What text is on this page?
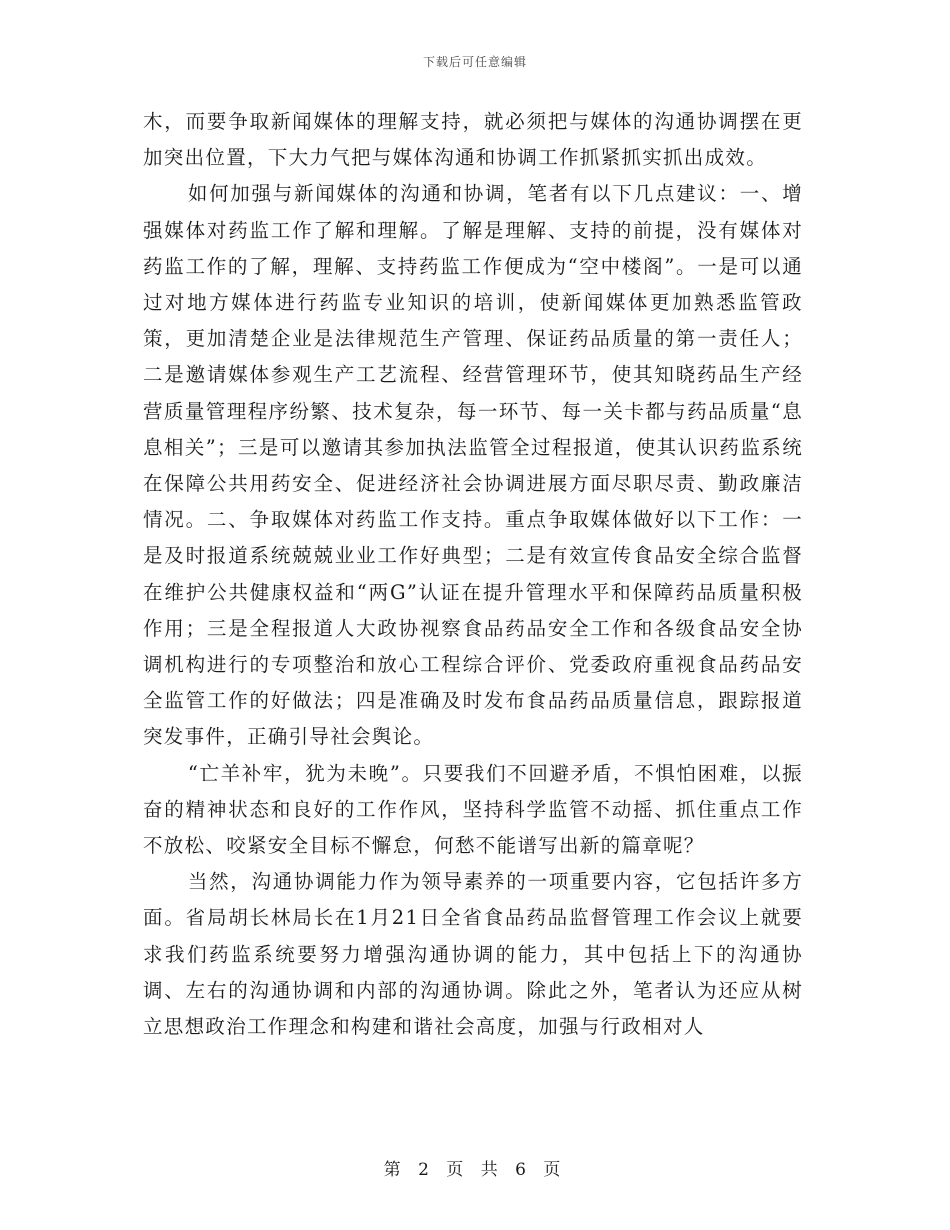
下载后可任意编辑

木，而要争取新闻媒体的理解支持，就必须把与媒体的沟通协调摆在更加突出位置，下大力气把与媒体沟通和协调工作抓紧抓实抓出成效。

如何加强与新闻媒体的沟通和协调，笔者有以下几点建议：一、增强媒体对药监工作了解和理解。了解是理解、支持的前提，没有媒体对药监工作的了解，理解、支持药监工作便成为“空中楼阁”。一是可以通过对地方媒体进行药监专业知识的培训，使新闻媒体更加熟悉监管政策，更加清楚企业是法律规范生产管理、保证药品质量的第一责任人；二是邀请媒体参观生产工艺流程、经营管理环节，使其知晓药品生产经营质量管理程序纷繁、技术复杂，每一环节、每一关卡都与药品质量“息息相关”；三是可以邀请其参加执法监管全过程报道，使其认识药监系统在保障公共用药安全、促进经济社会协调进展方面尽职尽责、勤政廉洁情况。二、争取媒体对药监工作支持。重点争取媒体做好以下工作：一是及时报道系统兢兢业业工作好典型；二是有效宣传食品安全综合监督在维护公共健康权益和“两G”认证在提升管理水平和保障药品质量积极作用；三是全程报道人大政协视察食品药品安全工作和各级食品安全协调机构进行的专项整治和放心工程综合评价、党委政府重视食品药品安全监管工作的好做法；四是准确及时发布食品药品质量信息，跟踪报道突发事件，正确引导社会舆论。

“亡羊补牢，犹为未晚”。只要我们不回避矛盾，不惧怕困难，以振奋的精神状态和良好的工作作风，坚持科学监管不动摇、抓住重点工作不放松、咬紧安全目标不懈怠，何愁不能谱写出新的篇章呢？

当然，沟通协调能力作为领导素养的一项重要内容，它包括许多方面。省局胡长林局长在1月21日全省食品药品监督管理工作会议上就要求我们药监系统要努力增强沟通协调的能力，其中包括上下的沟通协调、左右的沟通协调和内部的沟通协调。除此之外，笔者认为还应从树立思想政治工作理念和构建和谐社会高度，加强与行政相对人

第 2 页 共 6 页
